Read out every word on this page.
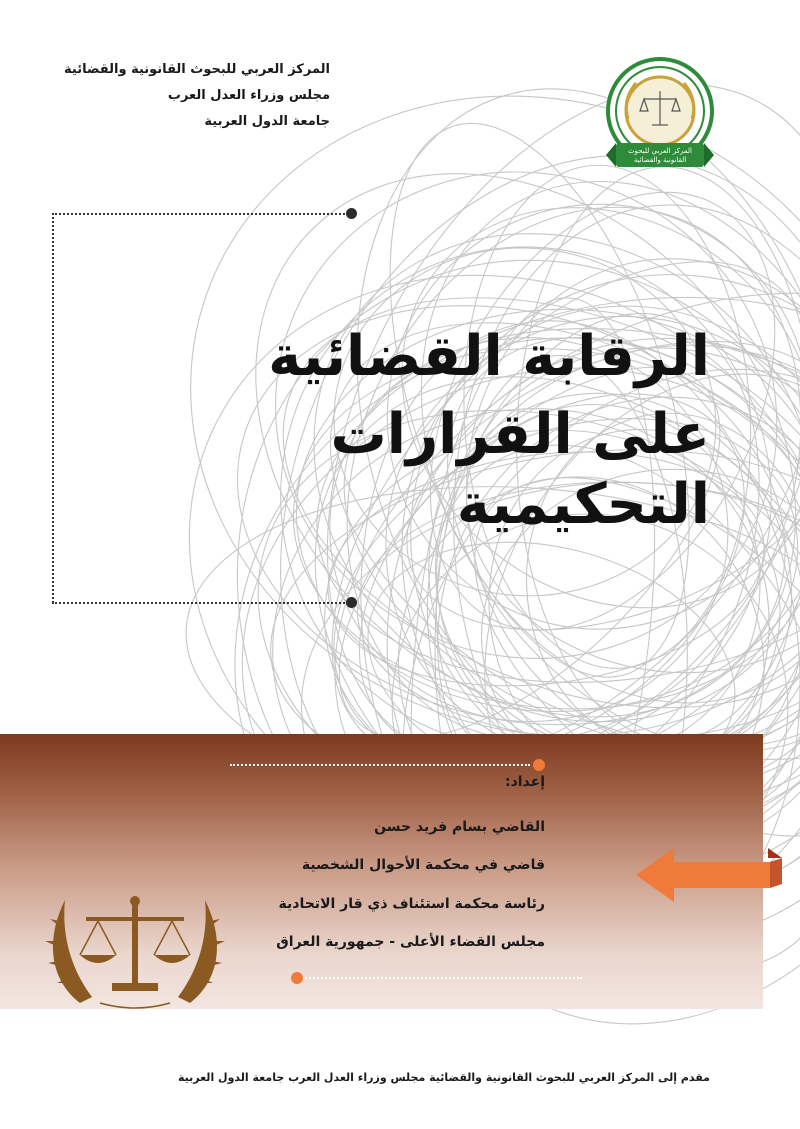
المركز العربي للبحوث القانونية والقضائية
مجلس وزراء العدل العرب
جامعة الدول العربية
المركز العربي للبحوث
القانونية والقضائية
الرقابة القضائية
على القرارات التحكيمية
إعداد:
القاضي بسام فريد حسن
قاضي في محكمة الأحوال الشخصية
رئاسة محكمة استئناف ذي قار الاتحادية
مجلس القضاء الأعلى - جمهورية العراق
مقدم إلى المركز العربي للبحوث القانونية والقضائية مجلس وزراء العدل العرب جامعة الدول العربية
